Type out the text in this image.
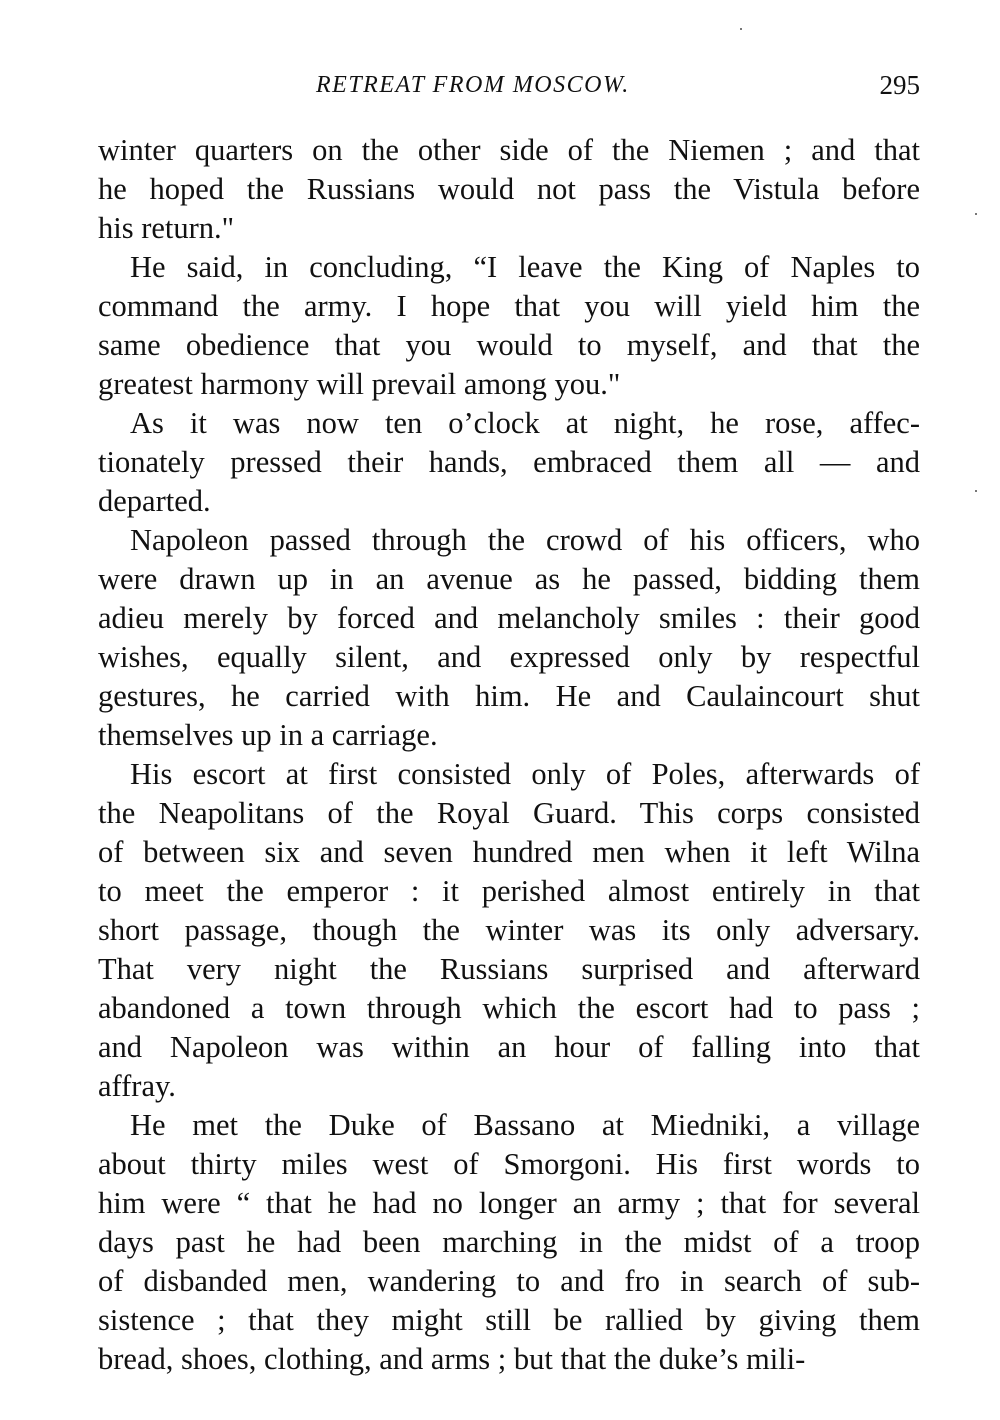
RETREAT FROM MOSCOW.	295
winter quarters on the other side of the Niemen ; and that
he hoped the Russians would not pass the Vistula before
his return."
He said, in concluding, “I leave the King of Naples to
command the army. I hope that you will yield him the
same obedience that you would to myself, and that the
greatest harmony will prevail among you."
As it was now ten o’clock at night, he rose, affec-
tionately pressed their hands, embraced them all — and
departed.
Napoleon passed through the crowd of his officers, who
were drawn up in an avenue as he passed, bidding them
adieu merely by forced and melancholy smiles : their good
wishes, equally silent, and expressed only by respectful
gestures, he carried with him. He and Caulaincourt shut
themselves up in a carriage.
His escort at first consisted only of Poles, afterwards of
the Neapolitans of the Royal Guard. This corps consisted
of between six and seven hundred men when it left Wilna
to meet the emperor : it perished almost entirely in that
short passage, though the winter was its only adversary.
That very night the Russians surprised and afterward
abandoned a town through which the escort had to pass ;
and Napoleon was within an hour of falling into that
affray.
He met the Duke of Bassano at Miedniki, a village
about thirty miles west of Smorgoni. His first words to
him were “ that he had no longer an army ; that for several
days past he had been marching in the midst of a troop
of disbanded men, wandering to and fro in search of sub-
sistence ; that they might still be rallied by giving them
bread, shoes, clothing, and arms ; but that the duke’s mili-
